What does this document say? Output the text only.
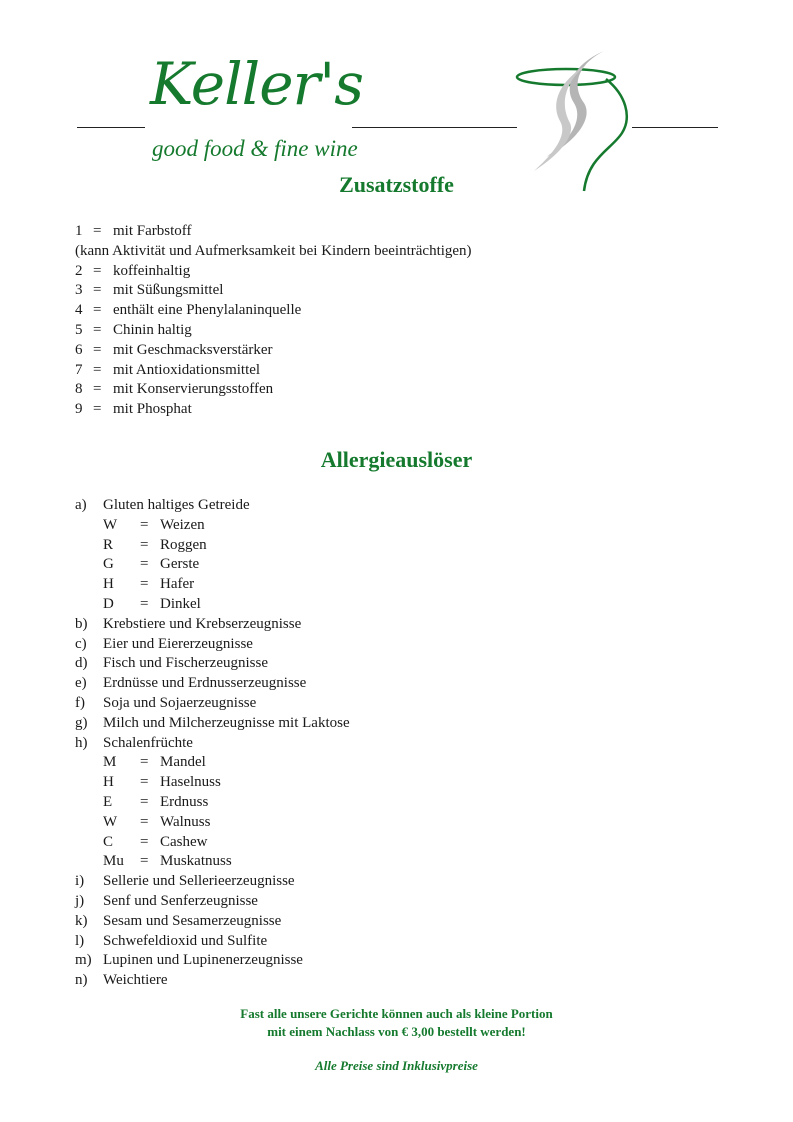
Keller's
good food & fine wine
Zusatzstoffe
1 = mit Farbstoff
(kann Aktivität und Aufmerksamkeit bei Kindern beeinträchtigen)
2 = koffeinhaltig
3 = mit Süßungsmittel
4 = enthält eine Phenylalaninquelle
5 = Chinin haltig
6 = mit Geschmacksverstärker
7 = mit Antioxidationsmittel
8 = mit Konservierungsstoffen
9 = mit Phosphat
Allergieauslöser
a) Gluten haltiges Getreide
W = Weizen
R = Roggen
G = Gerste
H = Hafer
D = Dinkel
b) Krebstiere und Krebserzeugnisse
c) Eier und Eiererzeugnisse
d) Fisch und Fischerzeugnisse
e) Erdnüsse und Erdnusserzeugnisse
f) Soja und Sojaerzeugnisse
g) Milch und Milcherzeugnisse mit Laktose
h) Schalenfrüchte
M = Mandel
H = Haselnuss
E = Erdnuss
W = Walnuss
C = Cashew
Mu = Muskatnuss
i) Sellerie und Sellerieerzeugnisse
j) Senf und Senferzeugnisse
k) Sesam und Sesamerzeugnisse
l) Schwefeldioxid und Sulfite
m) Lupinen und Lupinenerzeugnisse
n) Weichtiere
Fast alle unsere Gerichte können auch als kleine Portion
mit einem Nachlass von € 3,00 bestellt werden!
Alle Preise sind Inklusivpreise
